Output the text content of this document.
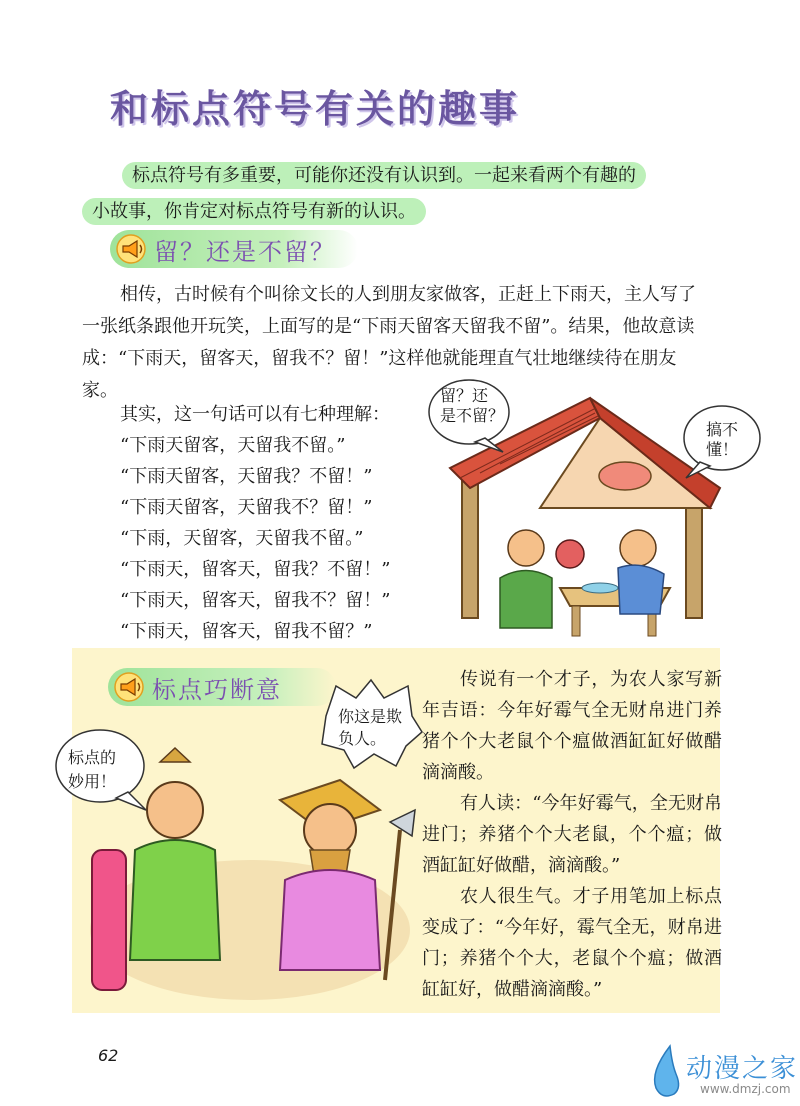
和标点符号有关的趣事
标点符号有多重要，可能你还没有认识到。一起来看两个有趣的
小故事，你肯定对标点符号有新的认识。
留？还是不留？

相传，古时候有个叫徐文长的人到朋友家做客，正赶上下雨天，主人写了一张纸条跟他开玩笑，上面写的是“下雨天留客天留我不留”。结果，他故意读成：“下雨天，留客天，留我不？留！”这样他就能理直气壮地继续待在朋友家。

其实，这一句话可以有七种理解：
“下雨天留客，天留我不留。”
“下雨天留客，天留我？不留！”
“下雨天留客，天留我不？留！”
“下雨，天留客，天留我不留。”
“下雨天，留客天，留我？不留！”
“下雨天，留客天，留我不？留！”
“下雨天，留客天，留我不留？”
留？还
是不留？
搞不
懂！
标点巧断意	传说有一个才子，为农人家写新年吉语：今年好霉气全无财帛进门养猪个个大老鼠个个瘟做酒缸缸好做醋滴滴酸。

有人读：“今年好霉气，全无财帛进门；养猪个个大老鼠，个个瘟；做酒缸缸好做醋，滴滴酸。”

农人很生气。才子用笔加上标点变成了：“今年好，霉气全无，财帛进门；养猪个个大，老鼠个个瘟；做酒缸缸好，做醋滴滴酸。”

标点的
妙用！
你这是欺
负人。
62	动漫之家
www.dmzj.com
